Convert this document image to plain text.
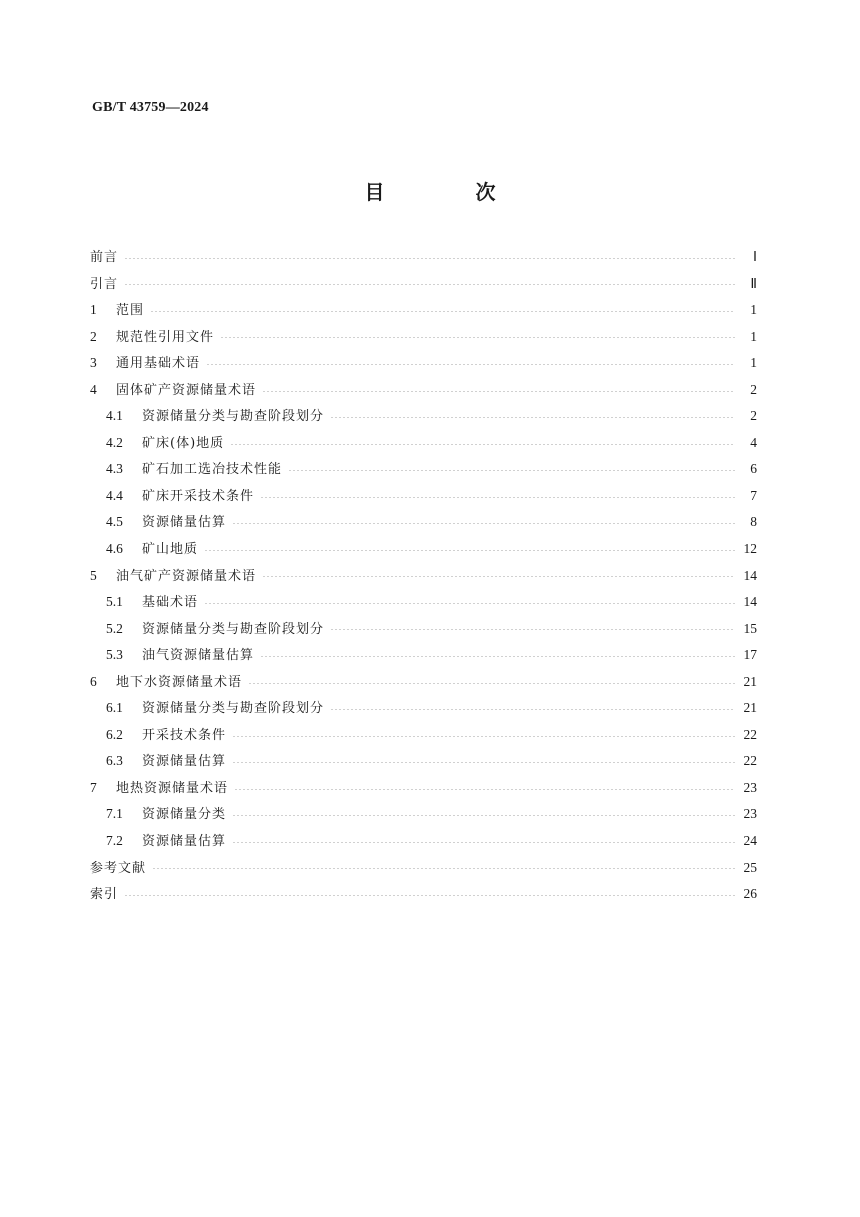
GB/T 43759—2024
目 次
前言	Ⅰ
引言	Ⅱ
1	范围	1
2	规范性引用文件	1
3	通用基础术语	1
4	固体矿产资源储量术语	2
4.1	资源储量分类与勘查阶段划分	2
4.2	矿床(体)地质	4
4.3	矿石加工选冶技术性能	6
4.4	矿床开采技术条件	7
4.5	资源储量估算	8
4.6	矿山地质	12
5	油气矿产资源储量术语	14
5.1	基础术语	14
5.2	资源储量分类与勘查阶段划分	15
5.3	油气资源储量估算	17
6	地下水资源储量术语	21
6.1	资源储量分类与勘查阶段划分	21
6.2	开采技术条件	22
6.3	资源储量估算	22
7	地热资源储量术语	23
7.1	资源储量分类	23
7.2	资源储量估算	24
参考文献	25
索引	26
